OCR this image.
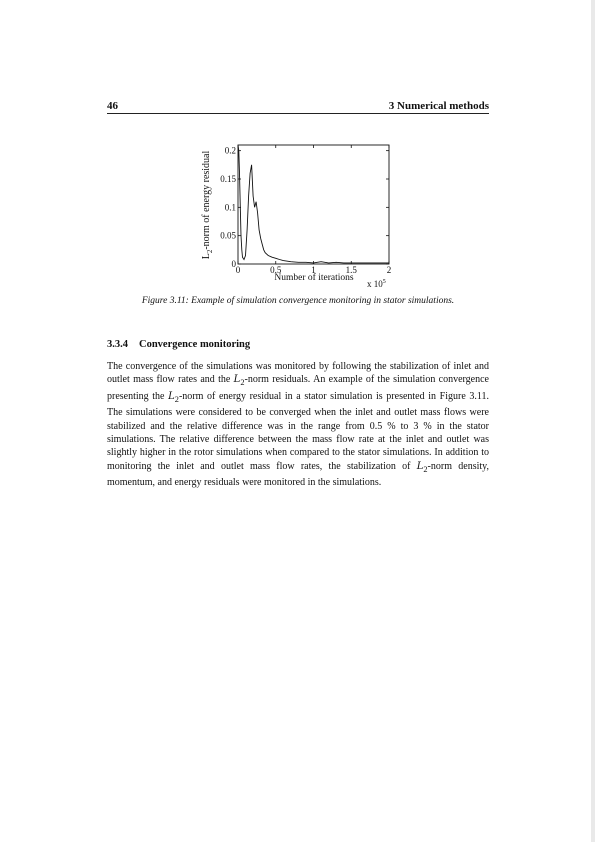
46	3 Numerical methods
$L_2$-norm of energy residual
0
0.05
0.1
0.15
0.2
0	0.5	1	1.5	2
Number of iterations
x $10^5$
Figure 3.11: Example of simulation convergence monitoring in stator simulations.
3.3.4 Convergence monitoring

The convergence of the simulations was monitored by following the stabilization of inlet and outlet mass flow rates and the $L_2$-norm residuals. An example of the simulation convergence presenting the $L_2$-norm of energy residual in a stator simulation is presented in Figure 3.11. The simulations were considered to be converged when the inlet and outlet mass flows were stabilized and the relative difference was in the range from 0.5 % to 3 % in the stator simulations. The relative difference between the mass flow rate at the inlet and outlet was slightly higher in the rotor simulations when compared to the stator simulations. In addition to monitoring the inlet and outlet mass flow rates, the stabilization of $L_2$-norm density, momentum, and energy residuals were monitored in the simulations.
